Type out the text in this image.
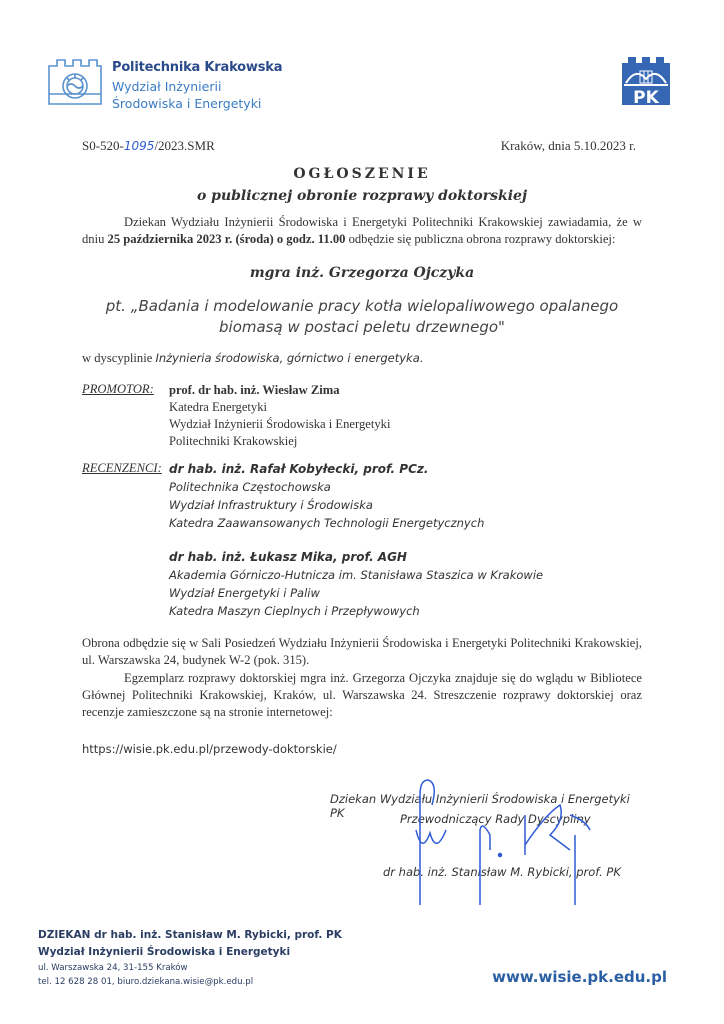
Politechnika Krakowska
Wydział Inżynierii
Środowiska i Energetyki	PK
S0-520-1095/2023.SMR	Kraków, dnia 5.10.2023 r.
OGŁOSZENIE
o publicznej obronie rozprawy doktorskiej
Dziekan Wydziału Inżynierii Środowiska i Energetyki Politechniki Krakowskiej zawiadamia, że w dniu 25 października 2023 r. (środa) o godz. 11.00 odbędzie się publiczna obrona rozprawy doktorskiej:
mgra inż. Grzegorza Ojczyka
pt. „Badania i modelowanie pracy kotła wielopaliwowego opalanego
biomasą w postaci peletu drzewnego"
w dyscyplinie Inżynieria środowiska, górnictwo i energetyka.
PROMOTOR: prof. dr hab. inż. Wiesław Zima
Katedra Energetyki
Wydział Inżynierii Środowiska i Energetyki
Politechniki Krakowskiej
RECENZENCI: dr hab. inż. Rafał Kobyłecki, prof. PCz.
Politechnika Częstochowska
Wydział Infrastruktury i Środowiska
Katedra Zaawansowanych Technologii Energetycznych
dr hab. inż. Łukasz Mika, prof. AGH
Akademia Górniczo-Hutnicza im. Stanisława Staszica w Krakowie
Wydział Energetyki i Paliw
Katedra Maszyn Cieplnych i Przepływowych
Obrona odbędzie się w Sali Posiedzeń Wydziału Inżynierii Środowiska i Energetyki Politechniki Krakowskiej, ul. Warszawska 24, budynek W-2 (pok. 315).
Egzemplarz rozprawy doktorskiej mgra inż. Grzegorza Ojczyka znajduje się do wglądu w Bibliotece Głównej Politechniki Krakowskiej, Kraków, ul. Warszawska 24. Streszczenie rozprawy doktorskiej oraz recenzje zamieszczone są na stronie internetowej:
https://wisie.pk.edu.pl/przewody-doktorskie/
Dziekan Wydziału Inżynierii Środowiska i Energetyki PK	Przewodniczący Rady Dyscypliny
dr hab. inż. Stanisław M. Rybicki, prof. PK
DZIEKAN dr hab. inż. Stanisław M. Rybicki, prof. PK
Wydział Inżynierii Środowiska i Energetyki
ul. Warszawska 24, 31-155 Kraków
tel. 12 628 28 01, biuro.dziekana.wisie@pk.edu.pl	www.wisie.pk.edu.pl
